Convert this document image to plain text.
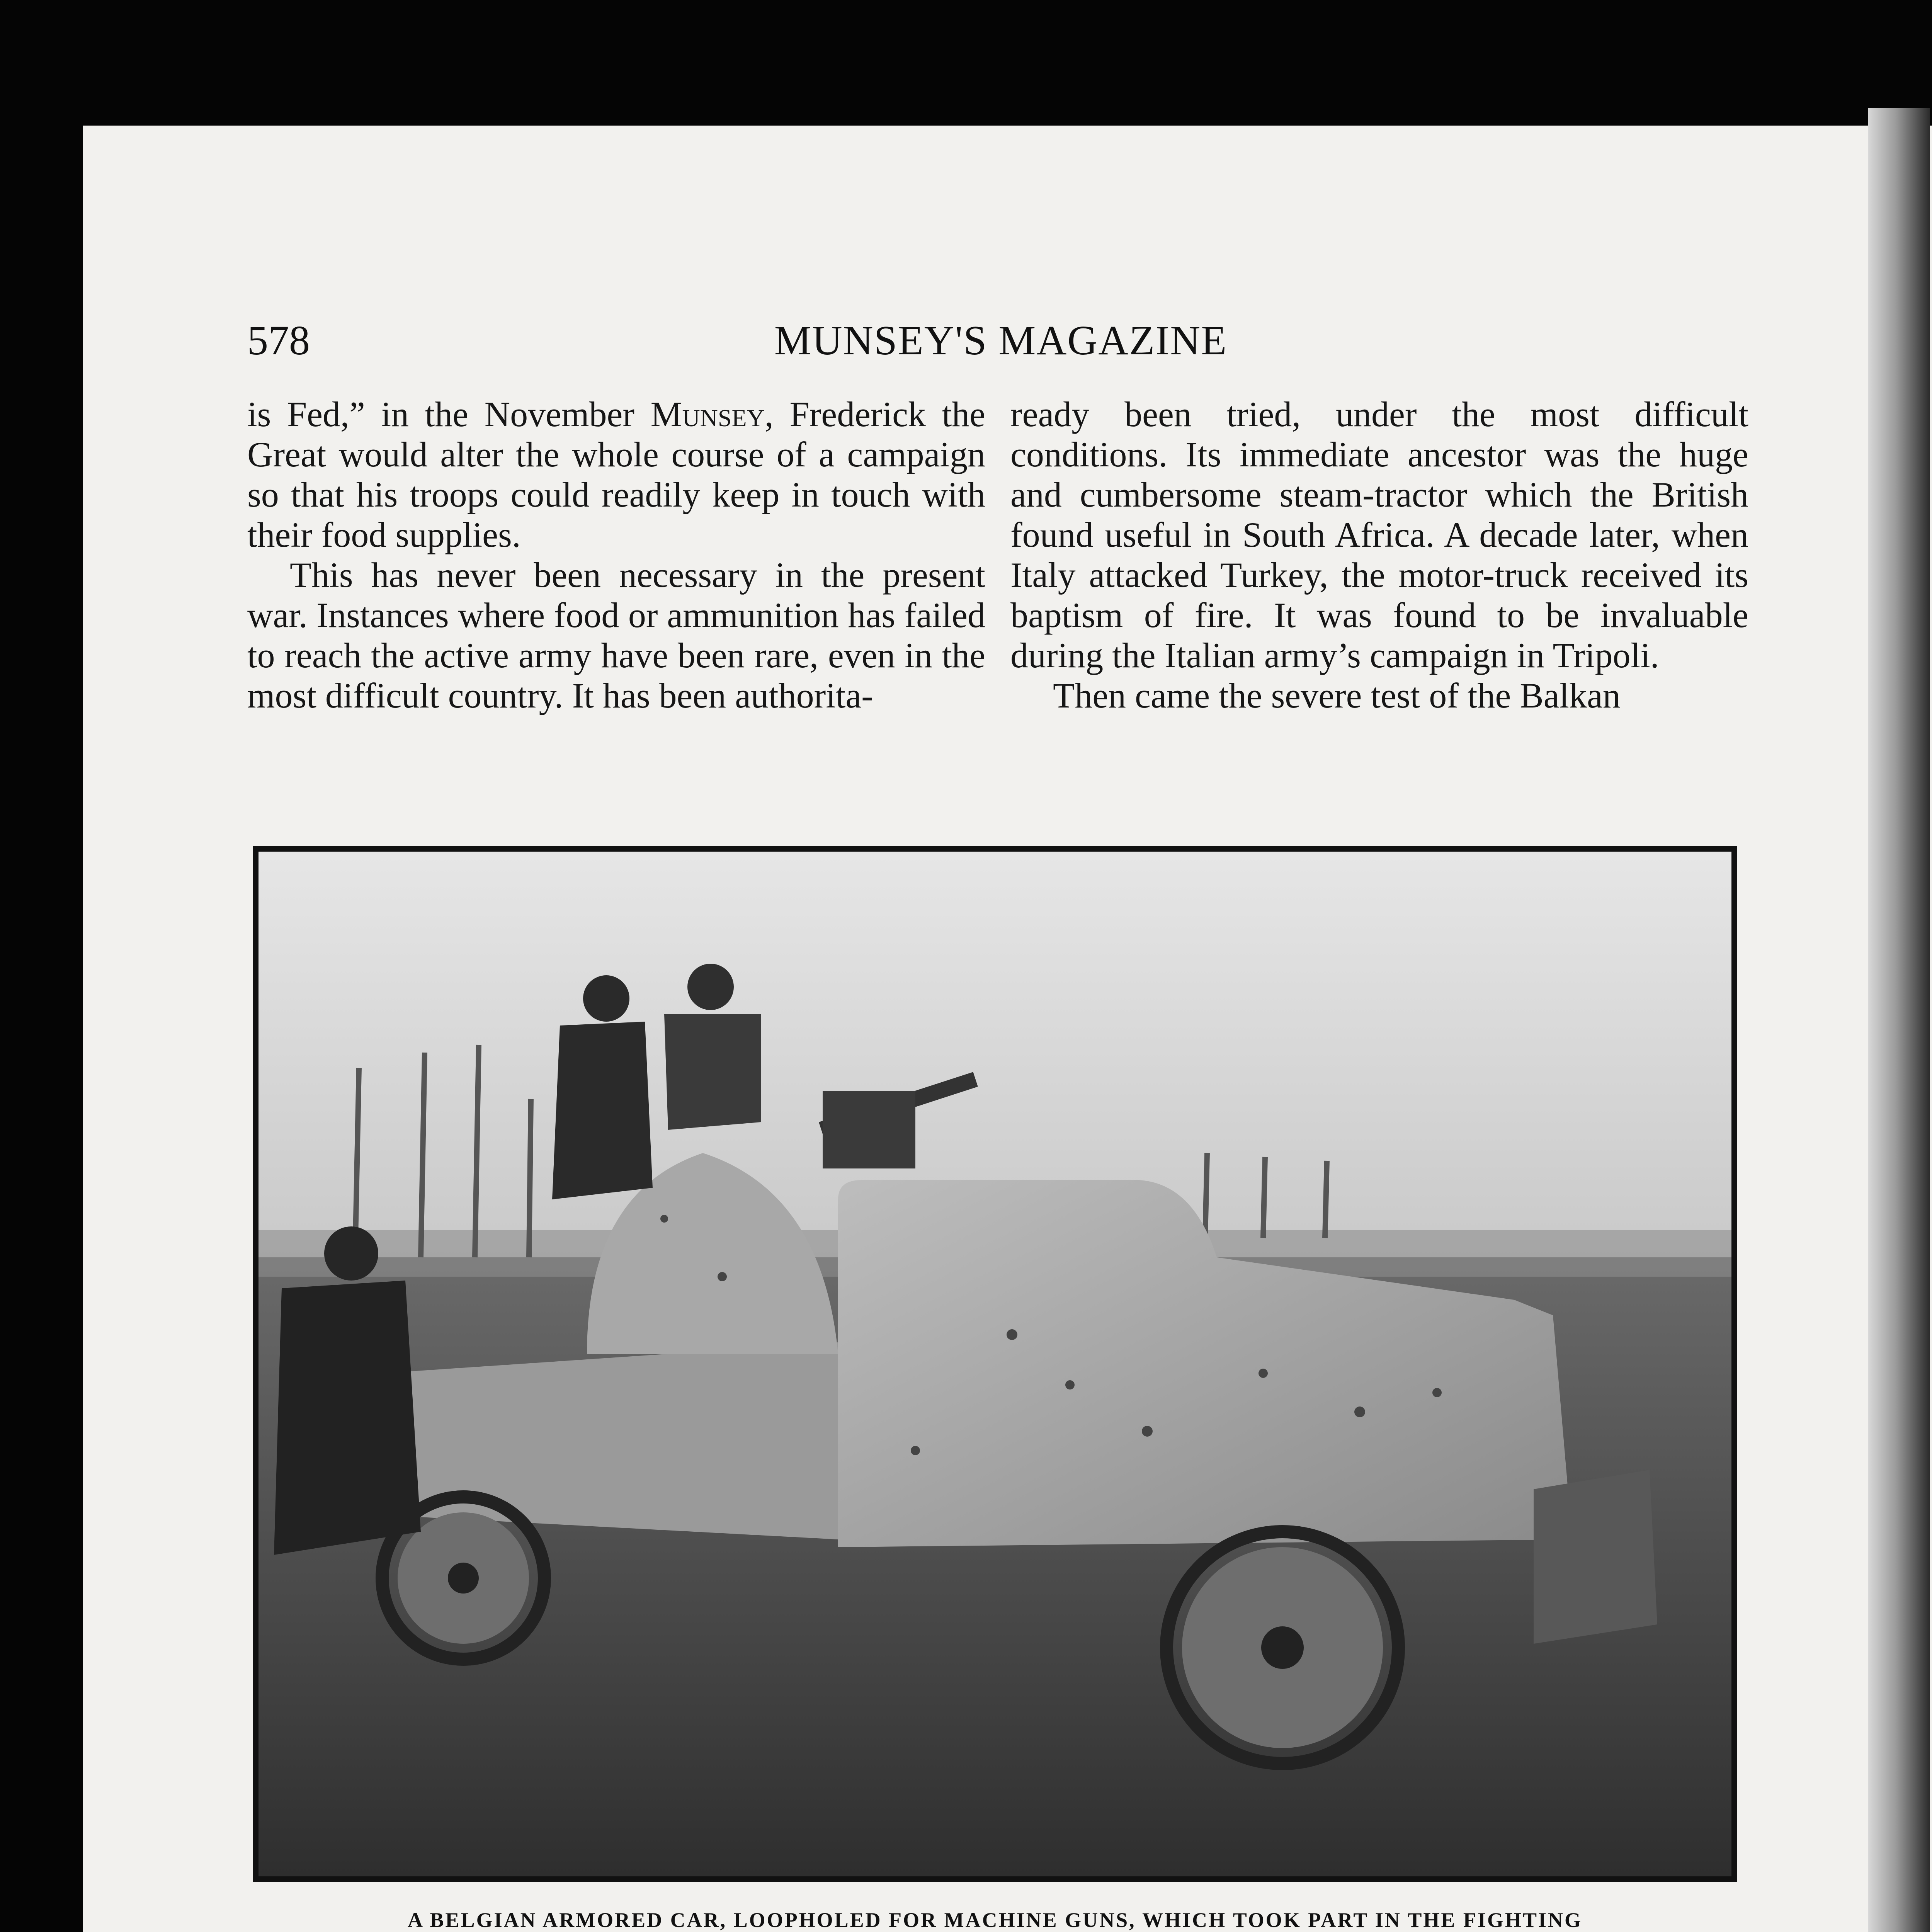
578	MUNSEY'S MAGAZINE

is Fed,” in the November Munsey, Frederick the Great would alter the whole course of a campaign so that his troops could readily keep in touch with their food supplies.

This has never been necessary in the present war. Instances where food or ammunition has failed to reach the active army have been rare, even in the most difficult country. It has been authorita-

ready been tried, under the most difficult conditions. Its immediate ancestor was the huge and cumbersome steam-tractor which the British found useful in South Africa. A decade later, when Italy attacked Turkey, the motor-truck received its baptism of fire. It was found to be invaluable during the Italian army’s campaign in Tripoli.

Then came the severe test of the Balkan

A BELGIAN ARMORED CAR, LOOPHOLED FOR MACHINE GUNS, WHICH TOOK PART IN THE FIGHTING
